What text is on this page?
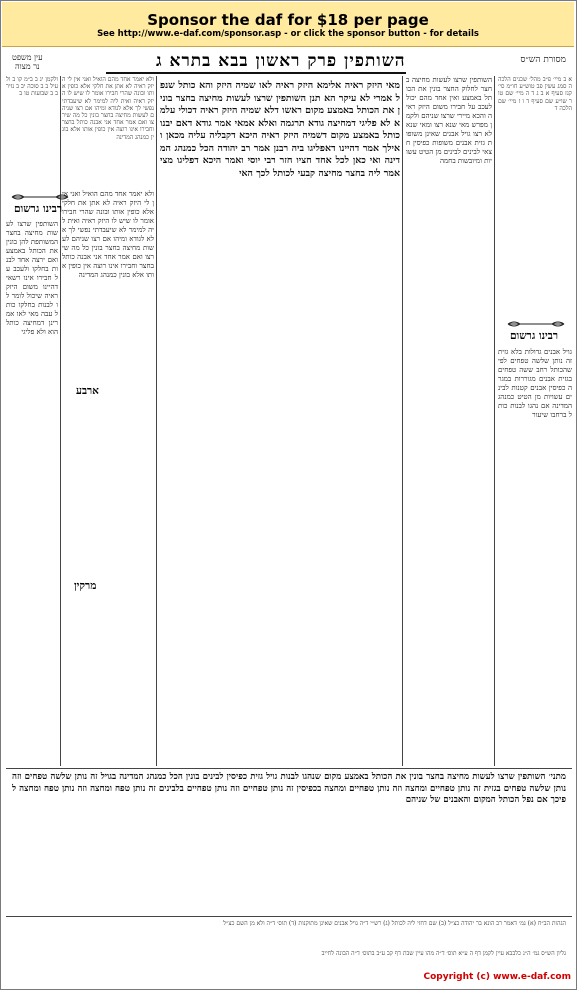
Sponsor the daf for $18 per page
See http://www.e-daf.com/sponsor.asp - or click the sponsor button - for details
עין משפט
נר מצוה	השותפין פרק ראשון בבא בתרא ג	מסורת הש״ס
ולקמן יג ב ב״מ קו ב ולעיל ב ב סוכה יב ב נזיר ב ב שבועות טו ב
ולא יאמר אחד מהם הואיל ואני אין לי היזק ראיה לא אתן את חלקי אלא כופין אותו ובונה שהרי חבירו אומר לו שיש לו היזק ראיה ואית ליה למימר לא שיעבדתי נפשי לך אלא לגודא ומיהו אם רצו שניהם לעשות מחיצה בחצר בונין כל מה שירצו ואם אמר אחד אני אבנה כותל בחצר וחבירו אינו רוצה אין כופין אותו אלא בונין כמנהג המדינה
רבינו גרשום
השותפין שרצו לעשות מחיצה בחצר המשותפת להן בונין את הכותל באמצע ואם ירצה אחד לבנות בחלקו ולעכב על חבירו אינו רשאי דהיינו משום היזק ראיה שיכול לומר לו לבנות בחלקו כותל עבה מאי לאו אמרינן דמחיצה כותל הוא ולא פליגי
ולא יאמר אחד מהם הואיל ואני אין לי היזק ראיה לא אתן את חלקי אלא כופין אותו ובונה שהרי חבירו אומר לו שיש לו היזק ראיה ואית ליה למימר לא שיעבדתי נפשי לך אלא לגודא ומיהו אם רצו שניהם לעשות מחיצה בחצר בונין כל מה שירצו ואם אמר אחד אני אבנה כותל בחצר וחבירו אינו רוצה אין כופין אותו אלא בונין כמנהג המדינה
ארבע
מרקין
מאי היזק ראיה אלימא היזק ראיה לאו שמיה היזק והא כותל שנפל אמרי לא עיקר הא תנן השותפין שרצו לעשות מחיצה בחצר בונין את הכותל באמצע מקום ראשו דלא שמיה היזק ראיה דכולי עלמא לא פליגי דמחיצה גודא תרגמה ואלא אמאי אמר גודא דאם יבנו כותל באמצע מקום דשמיה היזק ראיה היכא דקבליה עליה מכאן ואילך אמר דהיינו דאפליגו ביה רבנן אמר רב יהודה הכל כמנהג המדינה ואי כאן לכל אחד חציו חזר רבי יוסי ואמר היכא דפליגו מצי אמר ליה בחצר מחיצה קבעי לכותל לכך האי
השותפין שרצו לעשות מחיצה בחצר לחלוק החצר בונין את הכותל באמצע ואין אחד מהם יכול לעכב על חבירו משום היזק ראיה והכא מיירי שרצו שניהם ולקמן מפרש מאי שנא רצו ומאי שנא לא רצו גויל אבנים שאינן משופות גזית אבנים משופות כפיסין חצאי לבינים לבינים מן הטיט עשויות ומיובשות בחמה
א ב מיי׳ פ״ב מהל׳ שכנים הלכה ה סמג עשין פב טוש״ע חו״מ סי׳ קנז סעיף א ב ג ד ה מיי׳ שם טור שו״ע שם סעיף ד ו ז מיי׳ שם הלכה ד
רבינו גרשום
גויל אבנים גדולות בלא גזית זה נותן שלשה טפחים לפי שהכותל רחב ששה טפחים בגזית אבנים מגוררות במגרה כפיסין אבנים קטנות לבינים עשויות מן הטיט כמנהג המדינה אם נהגו לבנות כותל ברחבו שיעור
מתני׳ השותפין שרצו לעשות מחיצה בחצר בונין את הכותל באמצע מקום שנהגו לבנות גויל גזית כפיסין לבינים בונין הכל כמנהג המדינה בגויל זה נותן שלשה טפחים וזה נותן שלשה טפחים בגזית זה נותן טפחיים ומחצה וזה נותן טפחיים ומחצה בכפיסין זה נותן טפחיים וזה נותן טפחיים בלבינים זה נותן טפח ומחצה וזה נותן טפח ומחצה לפיכך אם נפל הכותל המקום והאבנים של שניהם
הגהות הב״ח (א) גמ׳ דאמר רב הונא בר יהודה כצ״ל (ב) שם דחזי ליה לכותל (ג) רש״י ד״ה גויל אבנים שאינן מתוקנות (ד) תוס׳ ד״ה ולא מן השם כצ״ל
גליון הש״ס גמ׳ ה״נ כלבבא עיין לקמן דף ה ע״א תוס׳ ד״ה מהו עיין שבת דף קב ע״ב בתוס׳ ד״ה הבונה לחייב
Copyright (c) www.e-daf.com
